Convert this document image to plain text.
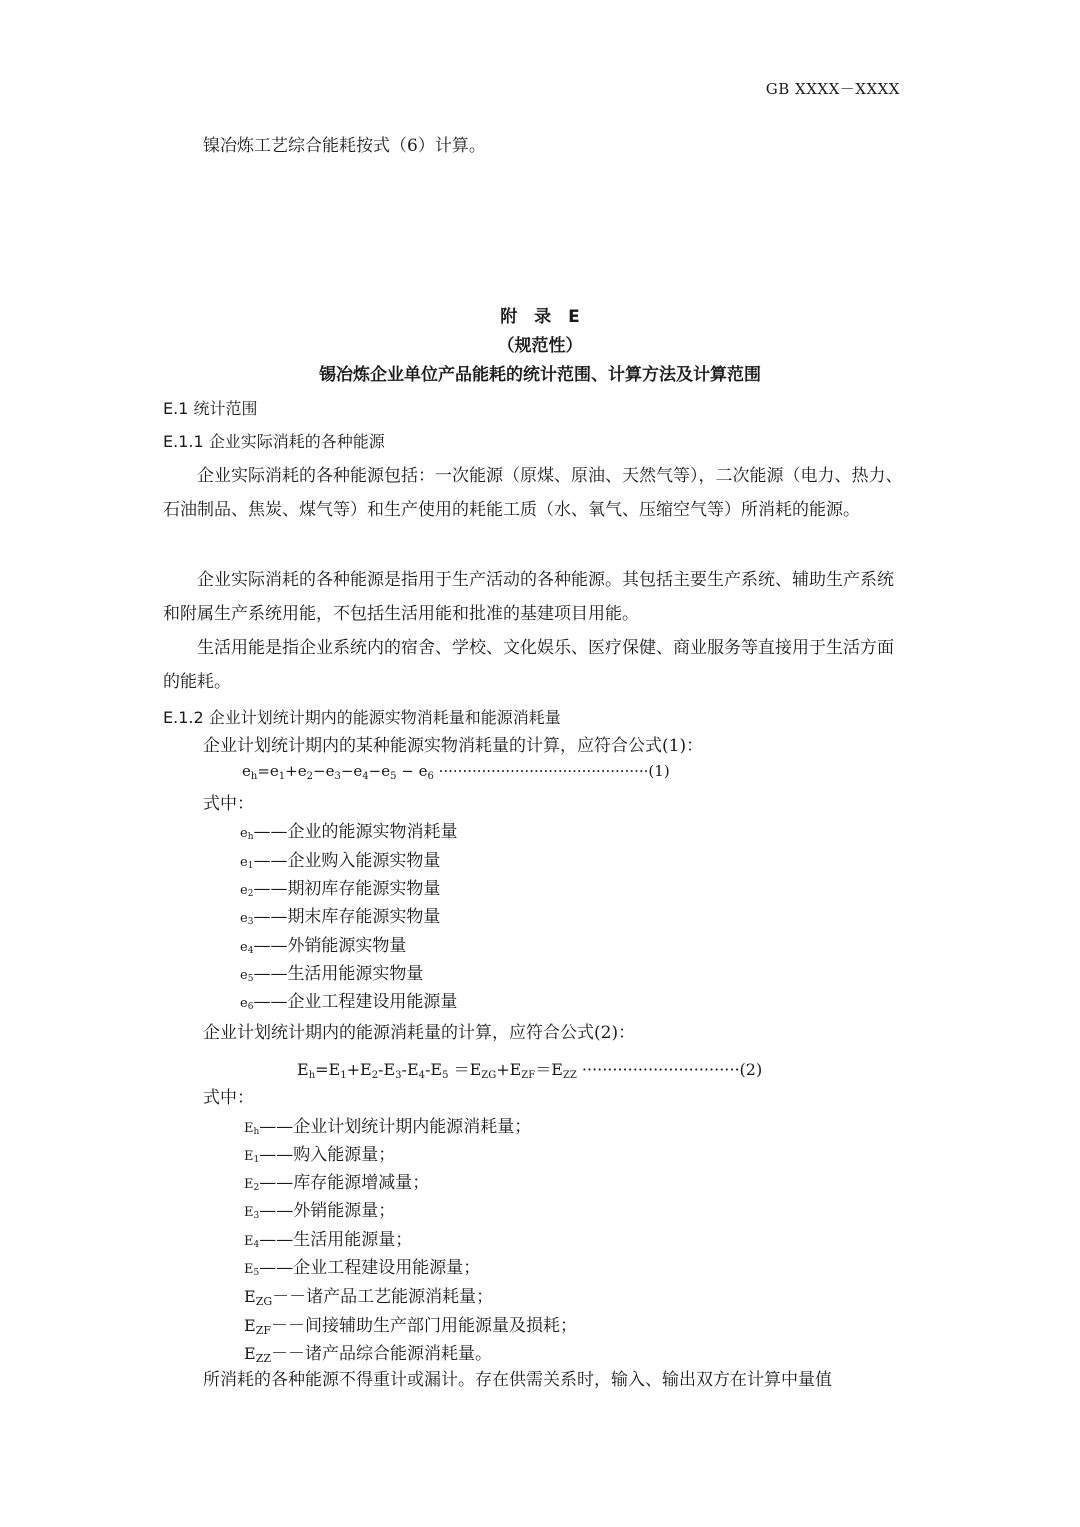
GB XXXX－XXXX
镍冶炼工艺综合能耗按式（6）计算。
附　录　E
（规范性）
锡冶炼企业单位产品能耗的统计范围、计算方法及计算范围
E.1 统计范围
E.1.1 企业实际消耗的各种能源
企业实际消耗的各种能源包括：一次能源（原煤、原油、天然气等），二次能源（电力、热力、石油制品、焦炭、煤气等）和生产使用的耗能工质（水、氧气、压缩空气等）所消耗的能源。
企业实际消耗的各种能源是指用于生产活动的各种能源。其包括主要生产系统、辅助生产系统和附属生产系统用能，不包括生活用能和批准的基建项目用能。
生活用能是指企业系统内的宿舍、学校、文化娱乐、医疗保健、商业服务等直接用于生活方面的能耗。
E.1.2 企业计划统计期内的能源实物消耗量和能源消耗量
企业计划统计期内的某种能源实物消耗量的计算，应符合公式(1)：
$e_h=e_1+e_2-e_3-e_4-e_5 - e_6 \cdot\cdot\cdot\cdot\cdot\cdot\cdot\cdot\cdot\cdot\cdot\cdot\cdot\cdot\cdot\cdot\cdot\cdot\cdot\cdot\cdot\cdot\cdot\cdot\cdot\cdot\cdot\cdot\cdot\cdot\cdot\cdot\cdot\cdot\cdot\cdot\cdot\cdot\cdot\cdot\cdot\cdot\cdot\cdot(1)$
式中：
$e_h——$企业的能源实物消耗量
$e_1——$企业购入能源实物量
$e_2——$期初库存能源实物量
$e_3——$期末库存能源实物量
$e_4——$外销能源实物量
$e_5——$生活用能源实物量
$e_6——$企业工程建设用能源量
企业计划统计期内的能源消耗量的计算，应符合公式(2)：
$E_h=E_1+E_2-E_3-E_4-E_5 =E_{ZG}+E_{ZF}=E_{ZZ} \cdot\cdot\cdot\cdot\cdot\cdot\cdot\cdot\cdot\cdot\cdot\cdot\cdot\cdot\cdot\cdot\cdot\cdot\cdot\cdot\cdot\cdot\cdot\cdot\cdot\cdot\cdot\cdot\cdot\cdot\cdot(2)$
式中：
$E_h——$企业计划统计期内能源消耗量；
$E_1——$购入能源量；
$E_2——$库存能源增减量；
$E_3——$外销能源量；
$E_4——$生活用能源量；
$E_5——$企业工程建设用能源量；
$E_{ZG}--$诸产品工艺能源消耗量；
$E_{ZF}--$间接辅助生产部门用能源量及损耗；
$E_{ZZ}--$诸产品综合能源消耗量。
所消耗的各种能源不得重计或漏计。存在供需关系时，输入、输出双方在计算中量值
